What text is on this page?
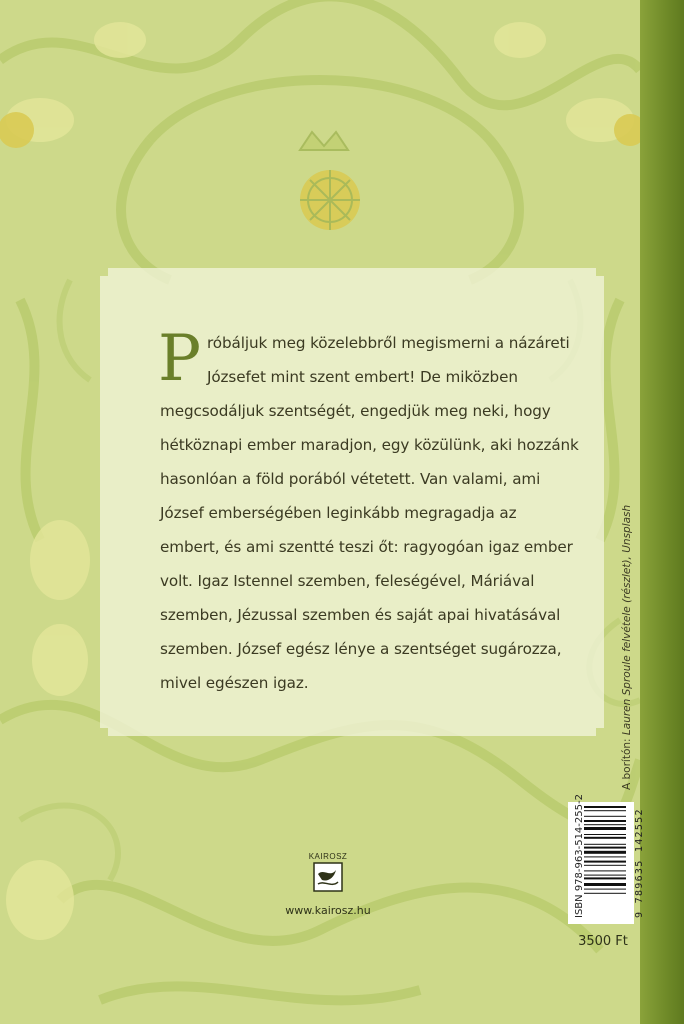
Próbáljuk meg közelebbről megismerni a názáreti Józsefet mint szent embert! De miközben megcsodáljuk szentségét, engedjük meg neki, hogy hétköznapi ember maradjon, egy közülünk, aki hozzánk hasonlóan a föld porából vétetett. Van valami, ami József emberségében leginkább megragadja az embert, és ami szentté teszi őt: ragyogóan igaz ember volt. Igaz Istennel szemben, feleségével, Máriával szemben, Jézussal szemben és saját apai hivatásával szemben. József egész lénye a szentséget sugározza, mivel egészen igaz.
KAIROSZ
www.kairosz.hu
A borítón: Lauren Sproule felvétele (részlet), Unsplash
ISBN 978-963-514-255-2	9 789635 142552
3500 Ft
